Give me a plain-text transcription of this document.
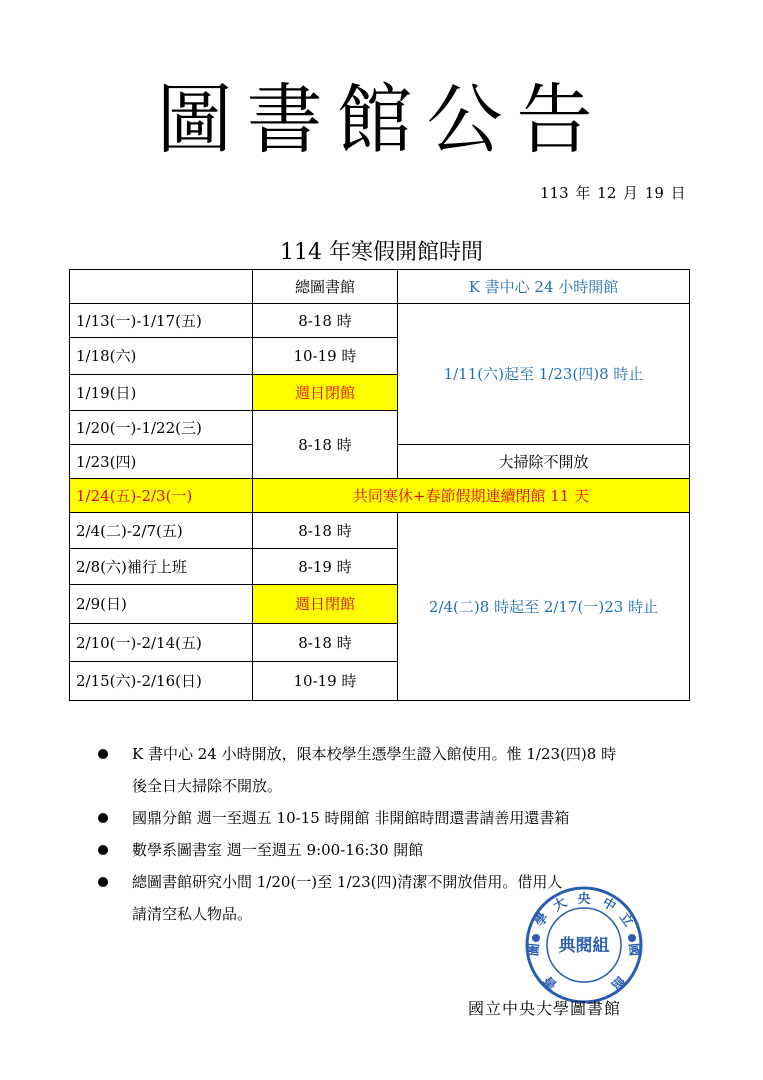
圖書館公告
113 年 12 月 19 日
114 年寒假開館時間
	總圖書館	K 書中心 24 小時開館
1/13(一)-1/17(五)	8-18 時	1/11(六)起至 1/23(四)8 時止
1/18(六)	10-19 時	
1/19(日)	週日閉館	
1/20(一)-1/22(三)	8-18 時	
1/23(四)		大掃除不開放
1/24(五)-2/3(一)	共同寒休+春節假期連續閉館 11 天	
2/4(二)-2/7(五)	8-18 時	2/4(二)8 時起至 2/17(一)23 時止
2/8(六)補行上班	8-19 時	
2/9(日)	週日閉館	
2/10(一)-2/14(五)	8-18 時	
2/15(六)-2/16(日)	10-19 時	
K 書中心 24 小時開放，限本校學生憑學生證入館使用。惟 1/23(四)8 時
後全日大掃除不開放。
國鼎分館 週一至週五 10-15 時開館 非開館時間還書請善用還書箱
數學系圖書室 週一至週五 9:00-16:30 開館
總圖書館研究小間 1/20(一)至 1/23(四)清潔不開放借用。借用人
請清空私人物品。
央
大 中
學	立
圖	國
書	館
典閱組
國立中央大學圖書館
